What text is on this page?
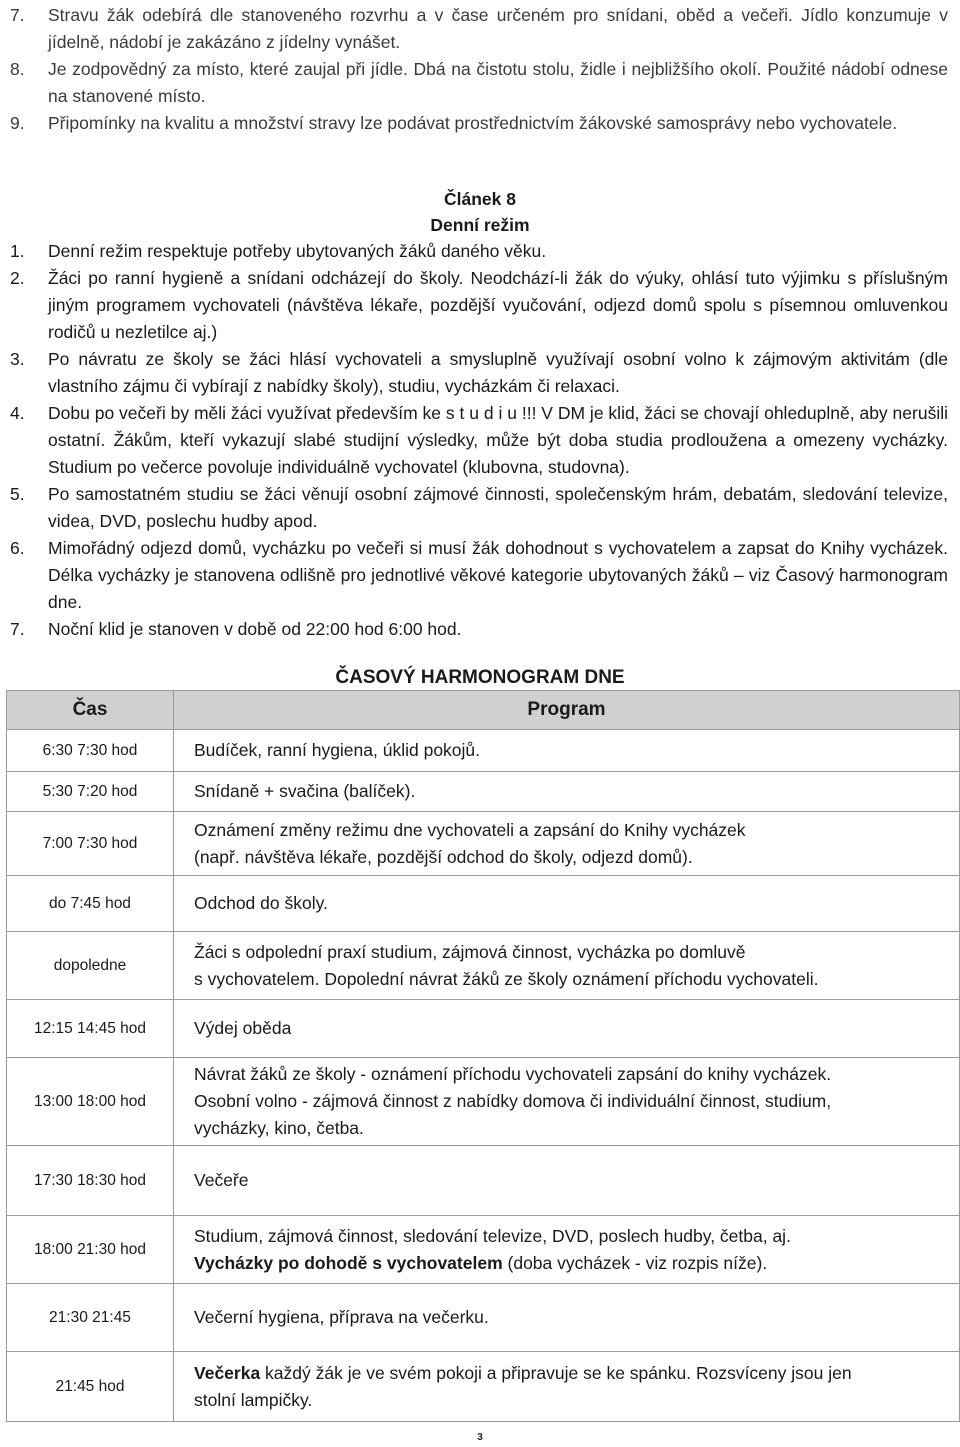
7.	Stravu žák odebírá dle stanoveného rozvrhu a v čase určeném pro snídani, oběd a večeři. Jídlo konzumuje v jídelně, nádobí je zakázáno z jídelny vynášet.
8.	Je zodpovědný za místo, které zaujal při jídle. Dbá na čistotu stolu, židle i nejbližšího okolí. Použité nádobí odnese na stanovené místo.
9.	Připomínky na kvalitu a množství stravy lze podávat prostřednictvím žákovské samosprávy nebo vychovatele.
Článek 8
Denní režim
1.	Denní režim respektuje potřeby ubytovaných žáků daného věku.
2.	Žáci po ranní hygieně a snídani odcházejí do školy. Neodchází-li žák do výuky, ohlásí tuto výjimku s příslušným jiným programem vychovateli (návštěva lékaře, pozdější vyučování, odjezd domů spolu s písemnou omluvenkou rodičů u nezletilce aj.)
3.	Po návratu ze školy se žáci hlásí vychovateli a smysluplně využívají osobní volno k zájmovým aktivitám (dle vlastního zájmu či vybírají z nabídky školy), studiu, vycházkám či relaxaci.
4.	Dobu po večeři by měli žáci využívat především ke s t u d i u !!! V DM je klid, žáci se chovají ohleduplně, aby nerušili ostatní. Žákům, kteří vykazují slabé studijní výsledky, může být doba studia prodloužena a omezeny vycházky. Studium po večerce povoluje individuálně vychovatel (klubovna, studovna).
5.	Po samostatném studiu se žáci věnují osobní zájmové činnosti, společenským hrám, debatám, sledování televize, videa, DVD, poslechu hudby apod.
6.	Mimořádný odjezd domů, vycházku po večeři si musí žák dohodnout s vychovatelem a zapsat do Knihy vycházek. Délka vycházky je stanovena odlišně pro jednotlivé věkové kategorie ubytovaných žáků – viz Časový harmonogram dne.
7.	Noční klid je stanoven v době od 22:00 hod 6:00 hod.
ČASOVÝ HARMONOGRAM DNE
Čas	Program
6:30 7:30 hod	Budíček, ranní hygiena, úklid pokojů.

5:30 7:20 hod	Snídaně + svačina (balíček).

7:00 7:30 hod	Oznámení změny režimu dne vychovateli a zapsání do Knihy vycházek
(např. návštěva lékaře, pozdější odchod do školy, odjezd domů).

do 7:45 hod	Odchod do školy.

dopoledne	Žáci s odpolední praxí studium, zájmová činnost, vycházka po domluvě
s vychovatelem. Dopolední návrat žáků ze školy oznámení příchodu vychovateli.

12:15 14:45 hod	Výdej oběda

13:00 18:00 hod	Návrat žáků ze školy - oznámení příchodu vychovateli zapsání do knihy vycházek.
Osobní volno - zájmová činnost z nabídky domova či individuální činnost, studium,
vycházky, kino, četba.

17:30 18:30 hod	Večeře

18:00 21:30 hod	Studium, zájmová činnost, sledování televize, DVD, poslech hudby, četba, aj.
Vycházky po dohodě s vychovatelem (doba vycházek - viz rozpis níže).

21:30 21:45	Večerní hygiena, příprava na večerku.

21:45 hod	Večerka každý žák je ve svém pokoji a připravuje se ke spánku. Rozsvíceny jsou jen
stolní lampičky.
3
